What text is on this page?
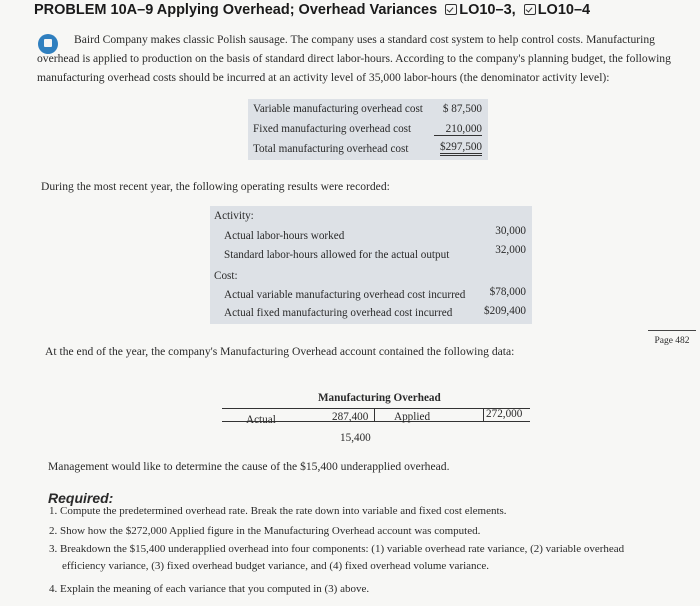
PROBLEM 10A–9 Applying Overhead; Overhead Variances LO10–3, LO10–4
Baird Company makes classic Polish sausage. The company uses a standard cost system to help control costs. Manufacturing
overhead is applied to production on the basis of standard direct labor-hours. According to the company's planning budget, the following
manufacturing overhead costs should be incurred at an activity level of 35,000 labor-hours (the denominator activity level):
Variable manufacturing overhead cost $ 87,500
Fixed manufacturing overhead cost	210,000
Total manufacturing overhead cost	$297,500
During the most recent year, the following operating results were recorded:
Activity:
Actual labor-hours worked	30,000
Standard labor-hours allowed for the actual output	32,000
Cost:
Actual variable manufacturing overhead cost incurred $78,000
Actual fixed manufacturing overhead cost incurred	$209,400
At the end of the year, the company's Manufacturing Overhead account contained the following data:
Page 482
Manufacturing Overhead
Actual	287,400 Applied	272,000
15,400
Management would like to determine the cause of the $15,400 underapplied overhead.
Required:
1. Compute the predetermined overhead rate. Break the rate down into variable and fixed cost elements.
2. Show how the $272,000 Applied figure in the Manufacturing Overhead account was computed.
3. Breakdown the $15,400 underapplied overhead into four components: (1) variable overhead rate variance, (2) variable overhead
efficiency variance, (3) fixed overhead budget variance, and (4) fixed overhead volume variance.
4. Explain the meaning of each variance that you computed in (3) above.
